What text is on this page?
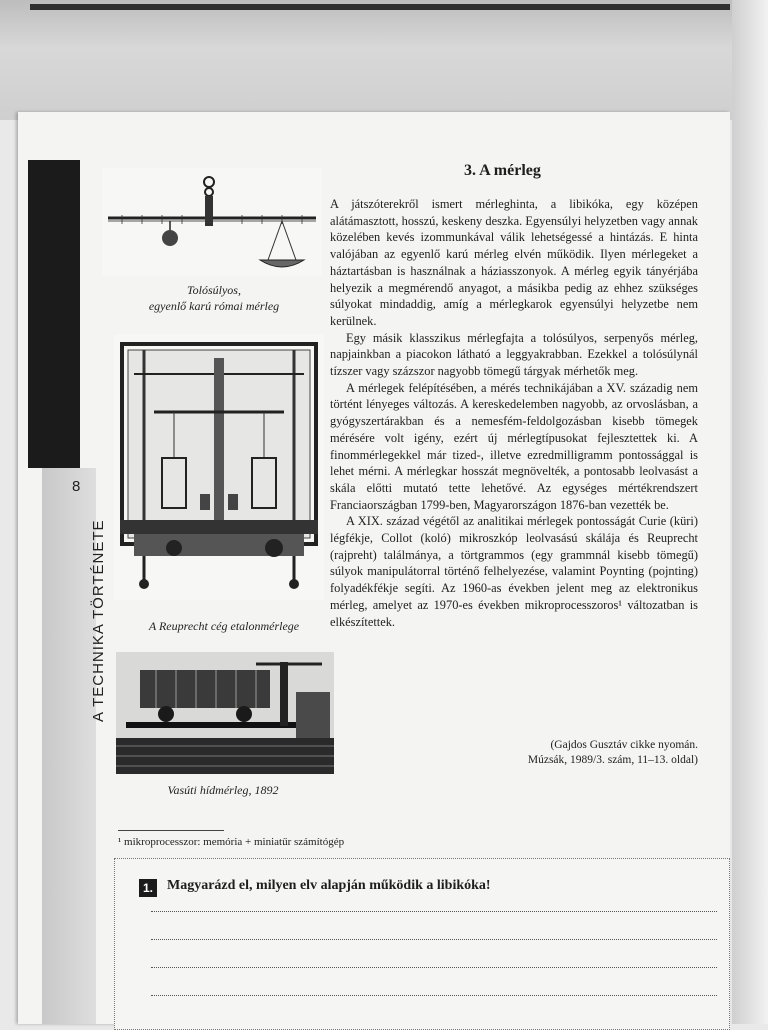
8
A TECHNIKA TÖRTÉNETE
Tolósúlyos,
egyenlő karú római mérleg
A Reuprecht cég etalonmérlege
Vasúti hídmérleg, 1892
3. A mérleg

A játszóterekről ismert mérleghinta, a libikóka, egy középen alátámasztott, hosszú, keskeny deszka. Egyensúlyi helyzetben vagy annak közelében kevés izommunkával válik lehetségessé a hintázás. E hinta valójában az egyenlő karú mérleg elvén működik. Ilyen mérlegeket a háztartásban is használnak a háziasszonyok. A mérleg egyik tányérjába helyezik a megmérendő anyagot, a másikba pedig az ehhez szükséges súlyokat mindaddig, amíg a mérlegkarok egyensúlyi helyzetbe nem kerülnek.

Egy másik klasszikus mérlegfajta a tolósúlyos, serpenyős mérleg, napjainkban a piacokon látható a leggyakrabban. Ezekkel a tolósúlynál tízszer vagy százszor nagyobb tömegű tárgyak mérhetők meg.

A mérlegek felépítésében, a mérés technikájában a XV. századig nem történt lényeges változás. A kereskedelemben nagyobb, az orvoslásban, a gyógyszertárakban és a nemesfém-feldolgozásban kisebb tömegek mérésére volt igény, ezért új mérlegtípusokat fejlesztettek ki. A finommérlegekkel már tized-, illetve ezredmilligramm pontossággal is lehet mérni. A mérlegkar hosszát megnövelték, a pontosabb leolvasást a skála előtti mutató tette lehetővé. Az egységes mértékrendszert Franciaországban 1799-ben, Magyarországon 1876-ban vezették be.

A XIX. század végétől az analitikai mérlegek pontosságát Curie (küri) légfékje, Collot (koló) mikroszkóp leolvasású skálája és Reuprecht (rajpreht) találmánya, a törtgrammos (egy grammnál kisebb tömegű) súlyok manipulátorral történő felhelyezése, valamint Poynting (pojnting) folyadékfékje segíti. Az 1960-as években jelent meg az elektronikus mérleg, amelyet az 1970-es években mikroprocesszoros¹ változatban is elkészítettek.

(Gajdos Gusztáv cikke nyomán.
Múzsák, 1989/3. szám, 11–13. oldal)
¹ mikroprocesszor: memória + miniatűr számítógép
1. Magyarázd el, milyen elv alapján működik a libikóka!
